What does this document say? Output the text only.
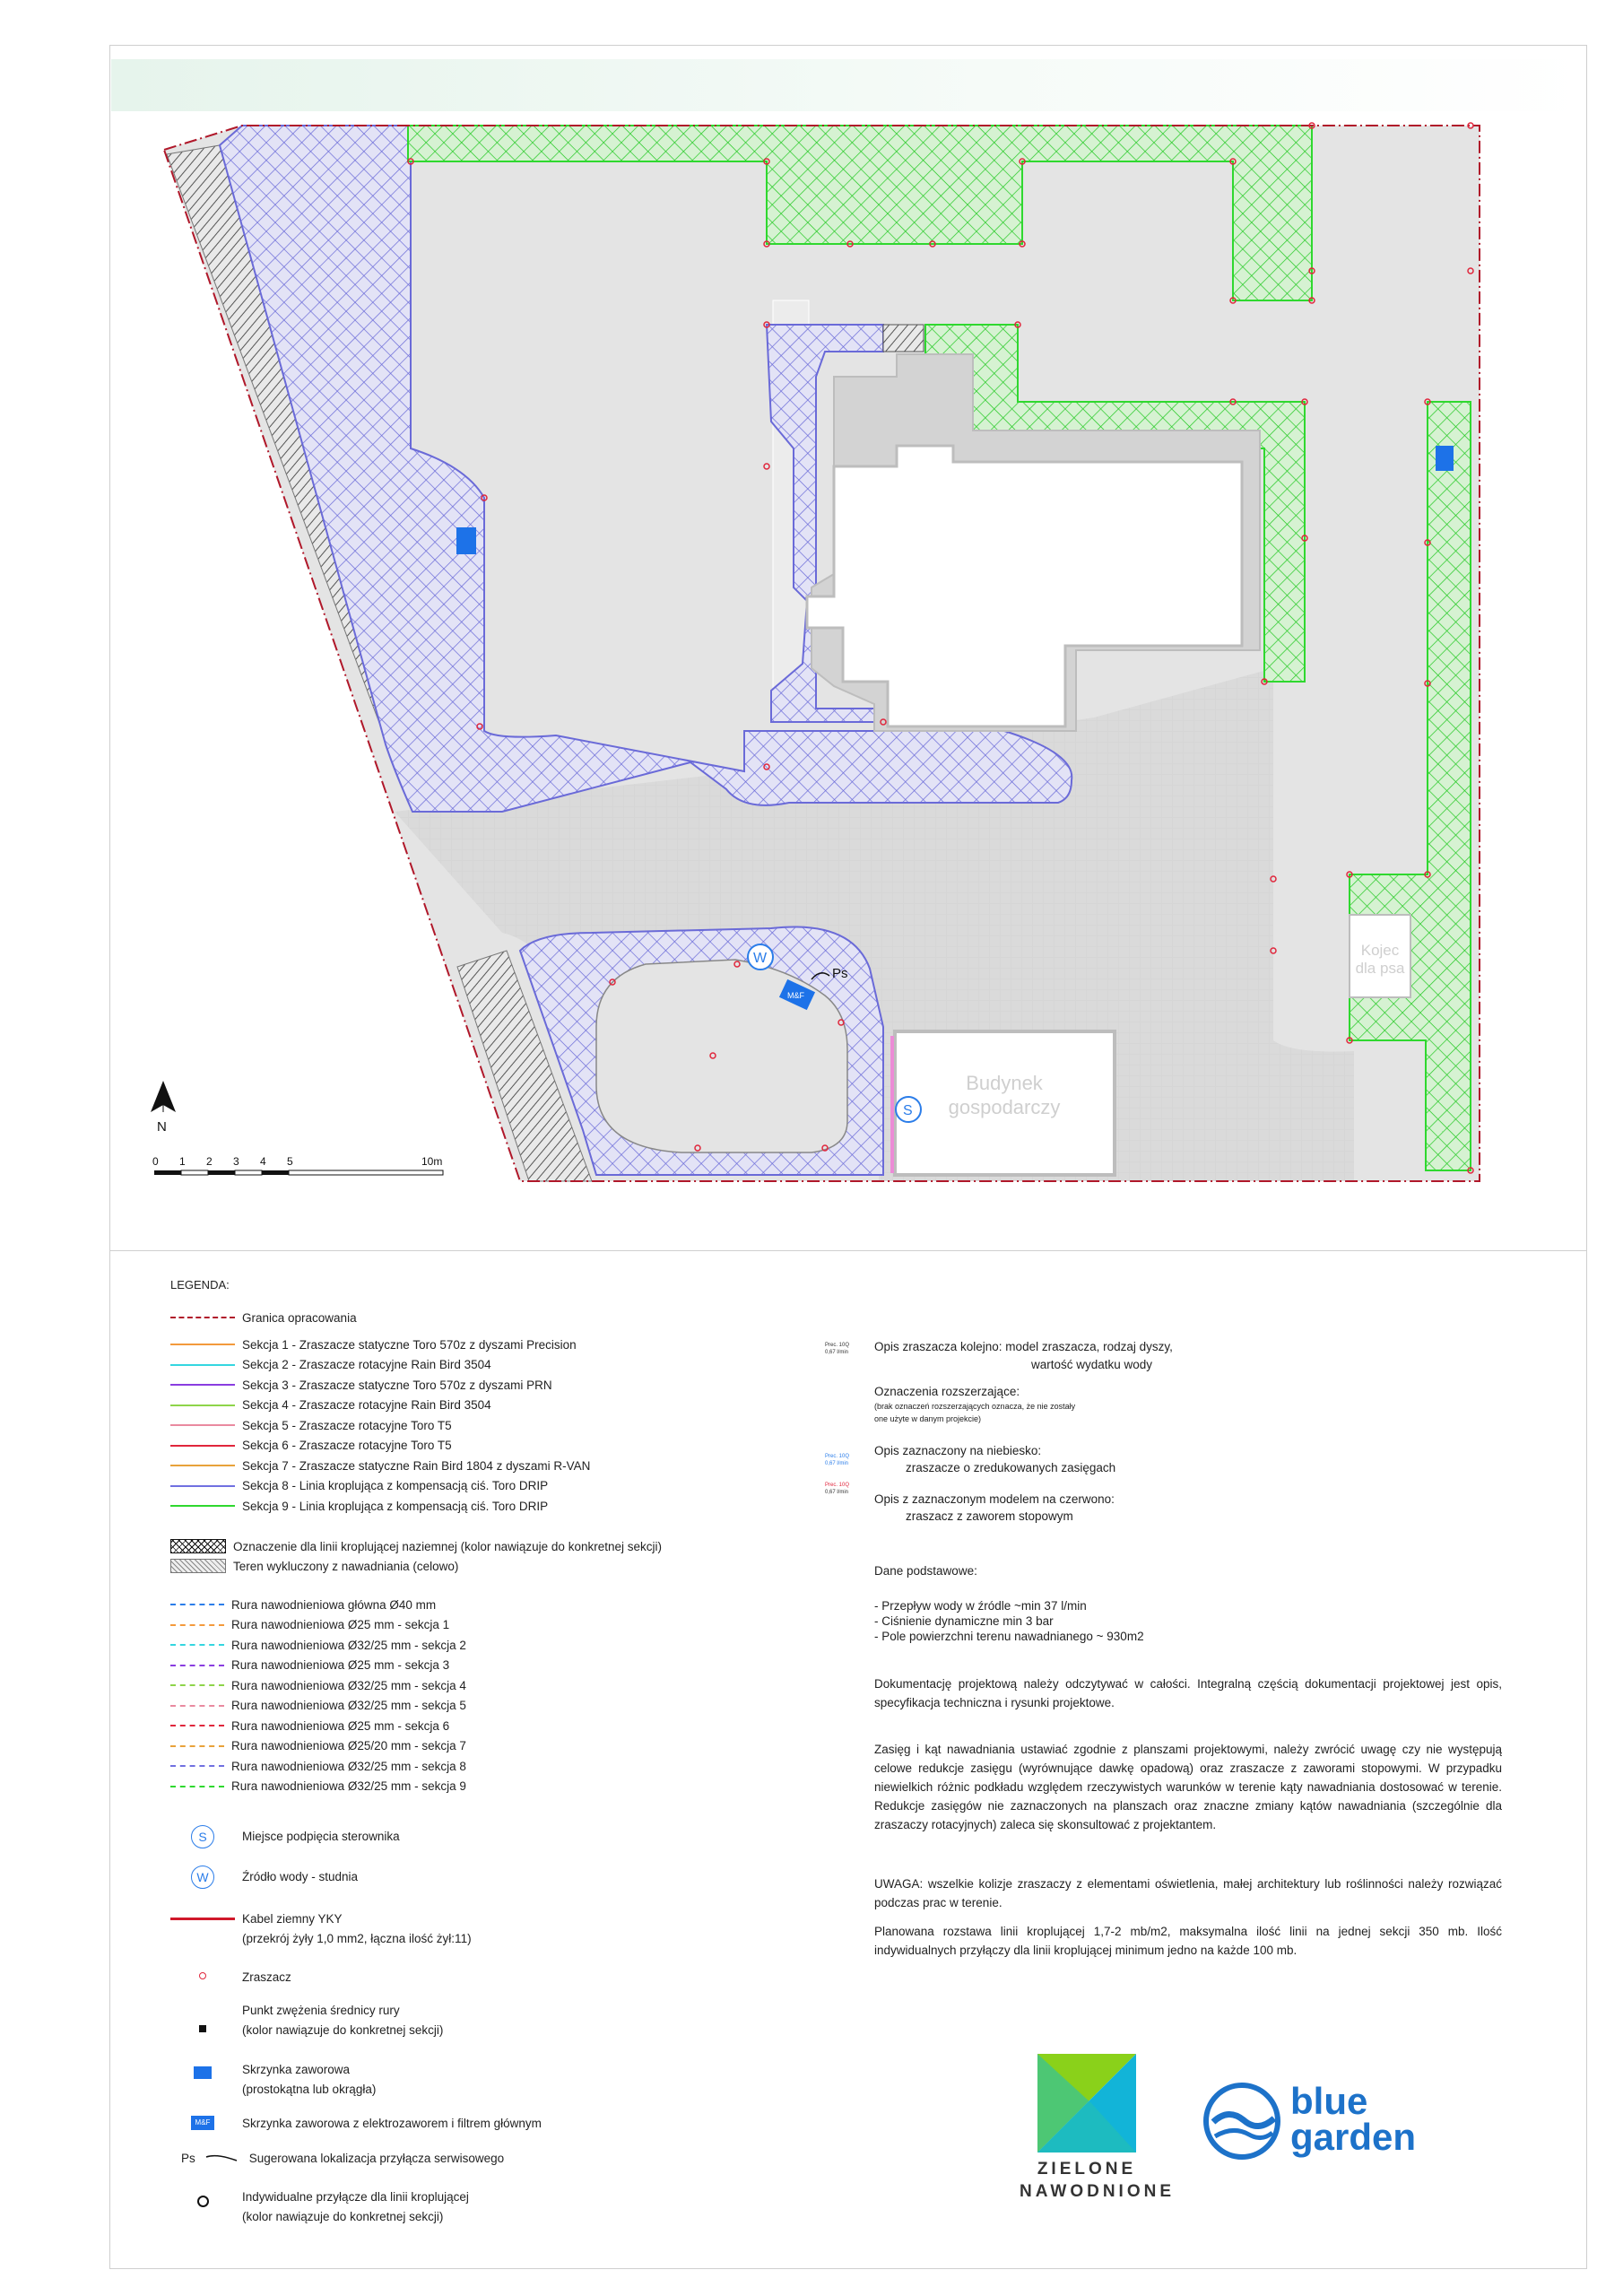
M&F
W
S
Ps
Budynek mieszkalny
Budynek
gospodarczy
Kojec
dla psa
N
0 1 2 3 4 5	10m
LEGENDA:
Granica opracowania
Sekcja 1 - Zraszacze statyczne Toro 570z z dyszami Precision
Sekcja 2 - Zraszacze rotacyjne Rain Bird 3504
Sekcja 3 - Zraszacze statyczne Toro 570z z dyszami PRN
Sekcja 4 - Zraszacze rotacyjne Rain Bird 3504
Sekcja 5 - Zraszacze rotacyjne Toro T5
Sekcja 6 - Zraszacze rotacyjne Toro T5
Sekcja 7 - Zraszacze statyczne Rain Bird 1804 z dyszami R-VAN
Sekcja 8 - Linia kroplująca z kompensacją ciś. Toro DRIP
Sekcja 9 - Linia kroplująca z kompensacją ciś. Toro DRIP
Oznaczenie dla linii kroplującej naziemnej (kolor nawiązuje do konkretnej sekcji)
Teren wykluczony z nawadniania (celowo)
Rura nawodnieniowa główna Ø40 mm
Rura nawodnieniowa Ø25 mm - sekcja 1
Rura nawodnieniowa Ø32/25 mm - sekcja 2
Rura nawodnieniowa Ø25 mm - sekcja 3
Rura nawodnieniowa Ø32/25 mm - sekcja 4
Rura nawodnieniowa Ø32/25 mm - sekcja 5
Rura nawodnieniowa Ø25 mm - sekcja 6
Rura nawodnieniowa Ø25/20 mm - sekcja 7
Rura nawodnieniowa Ø32/25 mm - sekcja 8
Rura nawodnieniowa Ø32/25 mm - sekcja 9
S	Miejsce podpięcia sterownika
W	Źródło wody - studnia
Kabel ziemny YKY
(przekrój żyły 1,0 mm2, łączna ilość żył:11)
Zraszacz
Punkt zwężenia średnicy rury
(kolor nawiązuje do konkretnej sekcji)
Skrzynka zaworowa
(prostokątna lub okrągła)
M&F	Skrzynka zaworowa z elektrozaworem i filtrem głównym
Ps	Sugerowana lokalizacja przyłącza serwisowego
Indywidualne przyłącze dla linii kroplującej
(kolor nawiązuje do konkretnej sekcji)
Prec. 10Q
0,67 l/min Opis zraszacza kolejno: model zraszacza, rodzaj dyszy,
wartość wydatku wody
Oznaczenia rozszerzające:
(brak oznaczeń rozszerzających oznacza, że nie zostały
one użyte w danym projekcie)
Prec. 10Q
0,67 l/min
Opis zaznaczony na niebiesko:
zraszacze o zredukowanych zasięgach
Prec. 10Q
0,67 l/min Opis z zaznaczonym modelem na czerwono:
zraszacz z zaworem stopowym
Dane podstawowe:
- Przepływ wody w źródle ~min 37 l/min
- Ciśnienie dynamiczne min 3 bar
- Pole powierzchni terenu nawadnianego ~ 930m2
Dokumentację projektową należy odczytywać w całości. Integralną częścią dokumentacji projektowej jest opis, specyfikacja techniczna i rysunki projektowe.
Zasięg i kąt nawadniania ustawiać zgodnie z planszami projektowymi, należy zwrócić uwagę czy nie występują celowe redukcje zasięgu (wyrównujące dawkę opadową) oraz zraszacze z zaworami stopowymi. W przypadku niewielkich różnic podkładu względem rzeczywistych warunków w terenie kąty nawadniania dostosować w terenie. Redukcje zasięgów nie zaznaczonych na planszach oraz znaczne zmiany kątów nawadniania (szczególnie dla zraszaczy rotacyjnych) zaleca się skonsultować z projektantem.
UWAGA: wszelkie kolizje zraszaczy z elementami oświetlenia, małej architektury lub roślinności należy rozwiązać podczas prac w terenie.
Planowana rozstawa linii kroplującej 1,7-2 mb/m2, maksymalna ilość linii na jednej sekcji 350 mb. Ilość indywidualnych przyłączy dla linii kroplującej minimum jedno na każde 100 mb.
ZIELONE
NAWODNIONE
blue
garden
